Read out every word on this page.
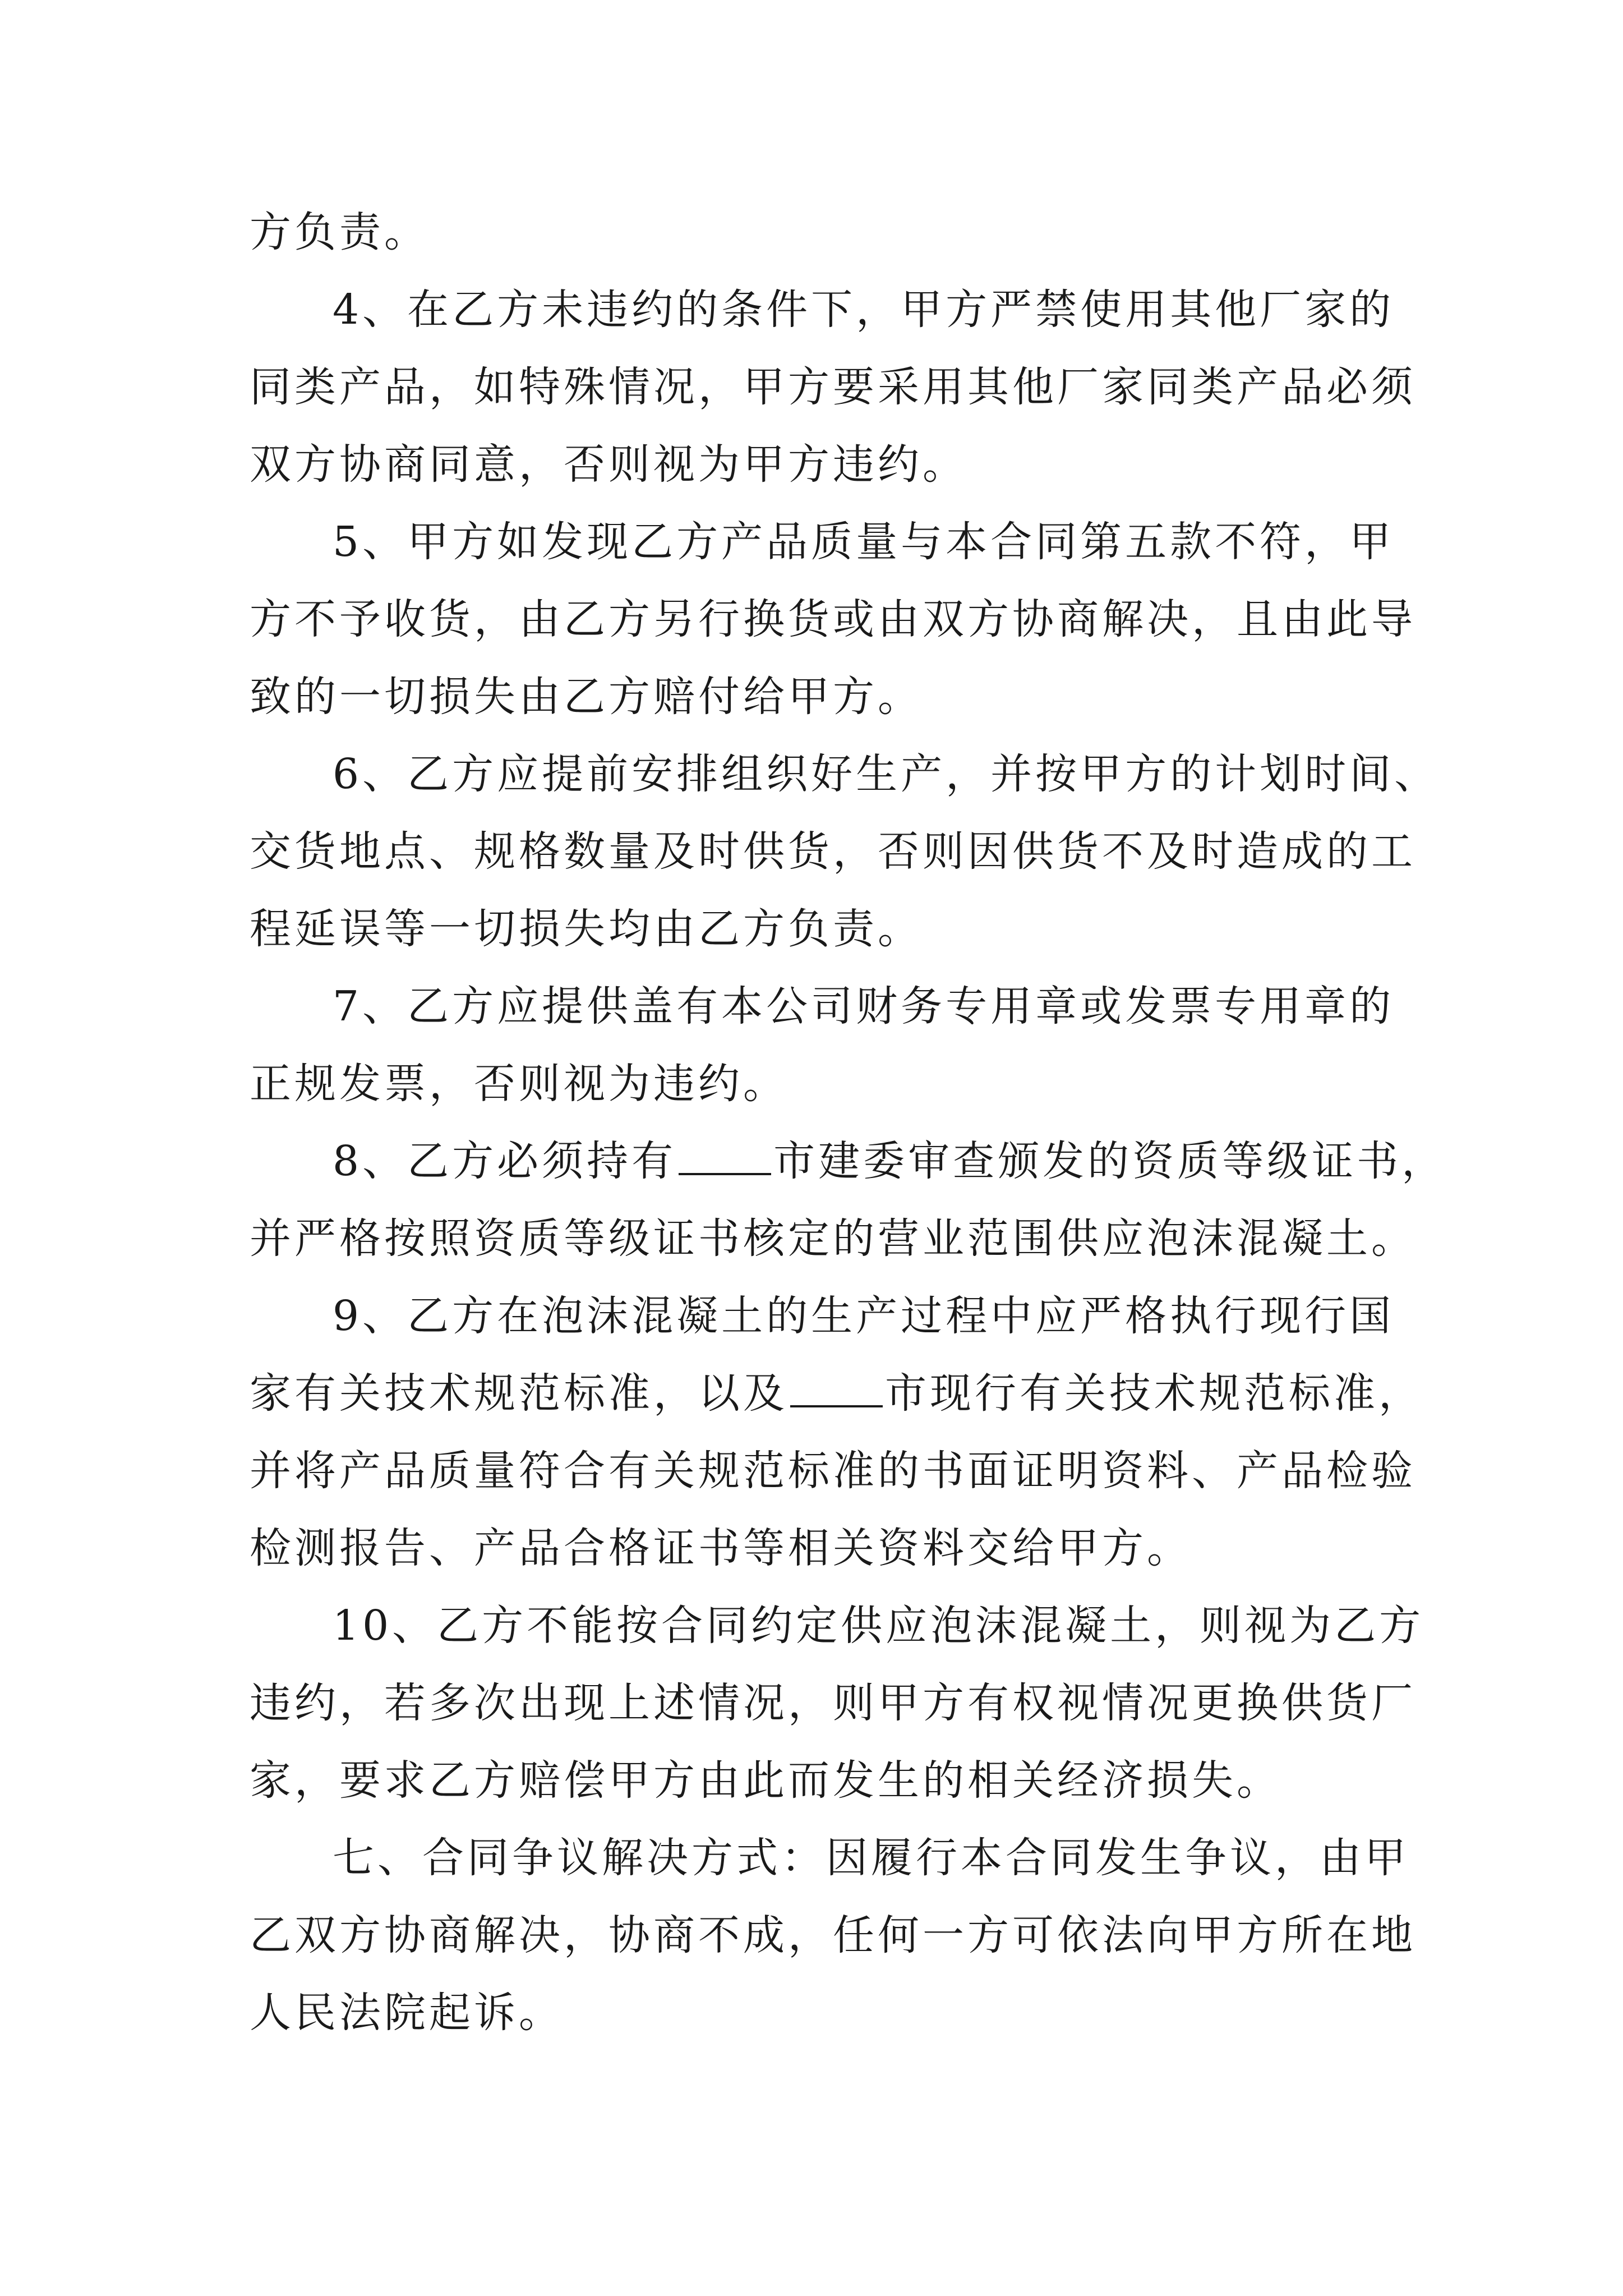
方负责。
4、在乙方未违约的条件下，甲方严禁使用其他厂家的
同类产品，如特殊情况，甲方要采用其他厂家同类产品必须
双方协商同意，否则视为甲方违约。
5、甲方如发现乙方产品质量与本合同第五款不符，甲
方不予收货，由乙方另行换货或由双方协商解决，且由此导
致的一切损失由乙方赔付给甲方。
6、乙方应提前安排组织好生产，并按甲方的计划时间、
交货地点、规格数量及时供货，否则因供货不及时造成的工
程延误等一切损失均由乙方负责。
7、乙方应提供盖有本公司财务专用章或发票专用章的
正规发票，否则视为违约。
8、乙方必须持有 市建委审查颁发的资质等级证书，
并严格按照资质等级证书核定的营业范围供应泡沫混凝土。
9、乙方在泡沫混凝土的生产过程中应严格执行现行国
家有关技术规范标准，以及 市现行有关技术规范标准，
并将产品质量符合有关规范标准的书面证明资料、产品检验
检测报告、产品合格证书等相关资料交给甲方。
10、乙方不能按合同约定供应泡沫混凝土，则视为乙方
违约，若多次出现上述情况，则甲方有权视情况更换供货厂
家，要求乙方赔偿甲方由此而发生的相关经济损失。
七、合同争议解决方式：因履行本合同发生争议，由甲
乙双方协商解决，协商不成，任何一方可依法向甲方所在地
人民法院起诉。
